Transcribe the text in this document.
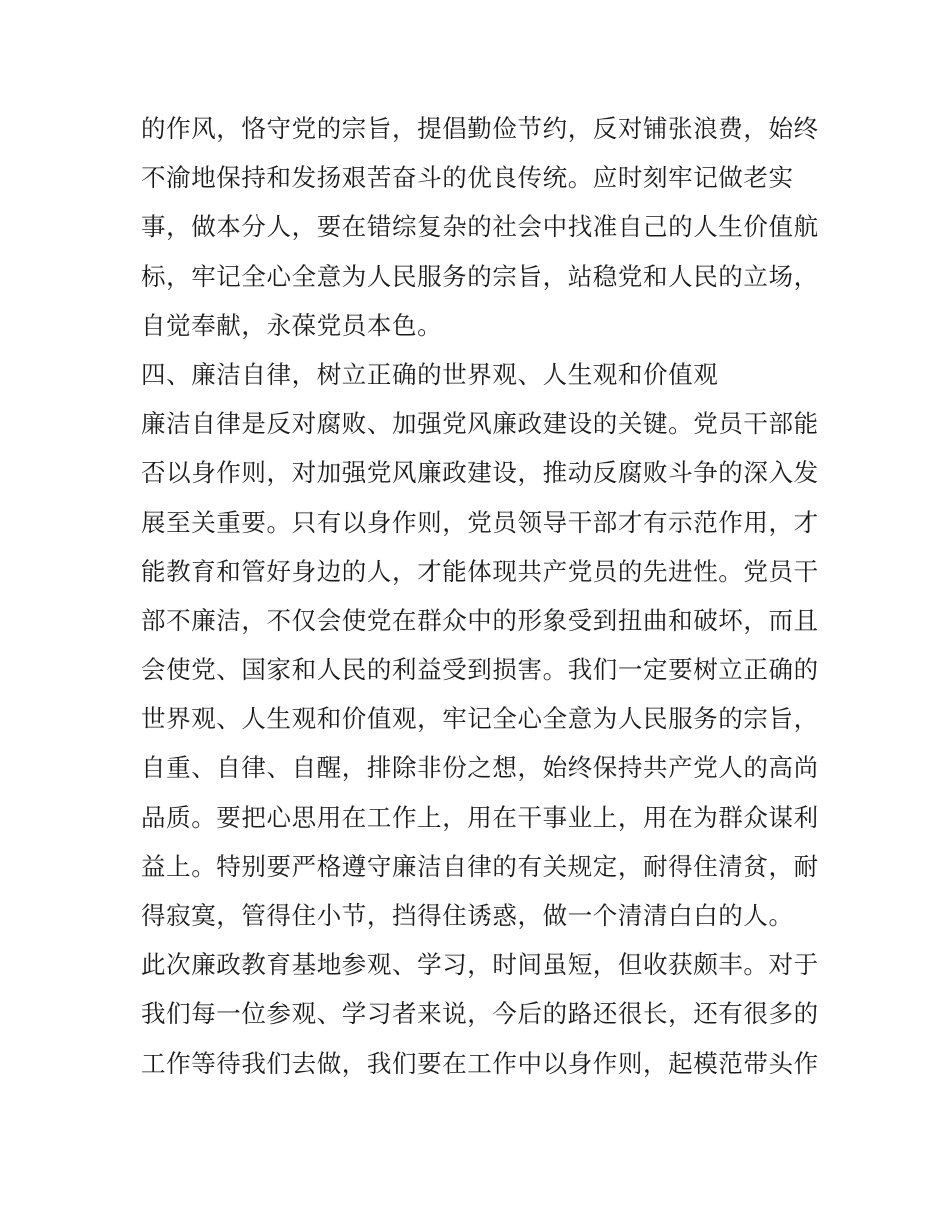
的作风，恪守党的宗旨，提倡勤俭节约，反对铺张浪费，始终
不渝地保持和发扬艰苦奋斗的优良传统。应时刻牢记做老实
事，做本分人，要在错综复杂的社会中找准自己的人生价值航
标，牢记全心全意为人民服务的宗旨，站稳党和人民的立场，
自觉奉献，永葆党员本色。
四、廉洁自律，树立正确的世界观、人生观和价值观
廉洁自律是反对腐败、加强党风廉政建设的关键。党员干部能
否以身作则，对加强党风廉政建设，推动反腐败斗争的深入发
展至关重要。只有以身作则，党员领导干部才有示范作用，才
能教育和管好身边的人，才能体现共产党员的先进性。党员干
部不廉洁，不仅会使党在群众中的形象受到扭曲和破坏，而且
会使党、国家和人民的利益受到损害。我们一定要树立正确的
世界观、人生观和价值观，牢记全心全意为人民服务的宗旨，
自重、自律、自醒，排除非份之想，始终保持共产党人的高尚
品质。要把心思用在工作上，用在干事业上，用在为群众谋利
益上。特别要严格遵守廉洁自律的有关规定，耐得住清贫，耐
得寂寞，管得住小节，挡得住诱惑，做一个清清白白的人。
此次廉政教育基地参观、学习，时间虽短，但收获颇丰。对于
我们每一位参观、学习者来说，今后的路还很长，还有很多的
工作等待我们去做，我们要在工作中以身作则，起模范带头作
